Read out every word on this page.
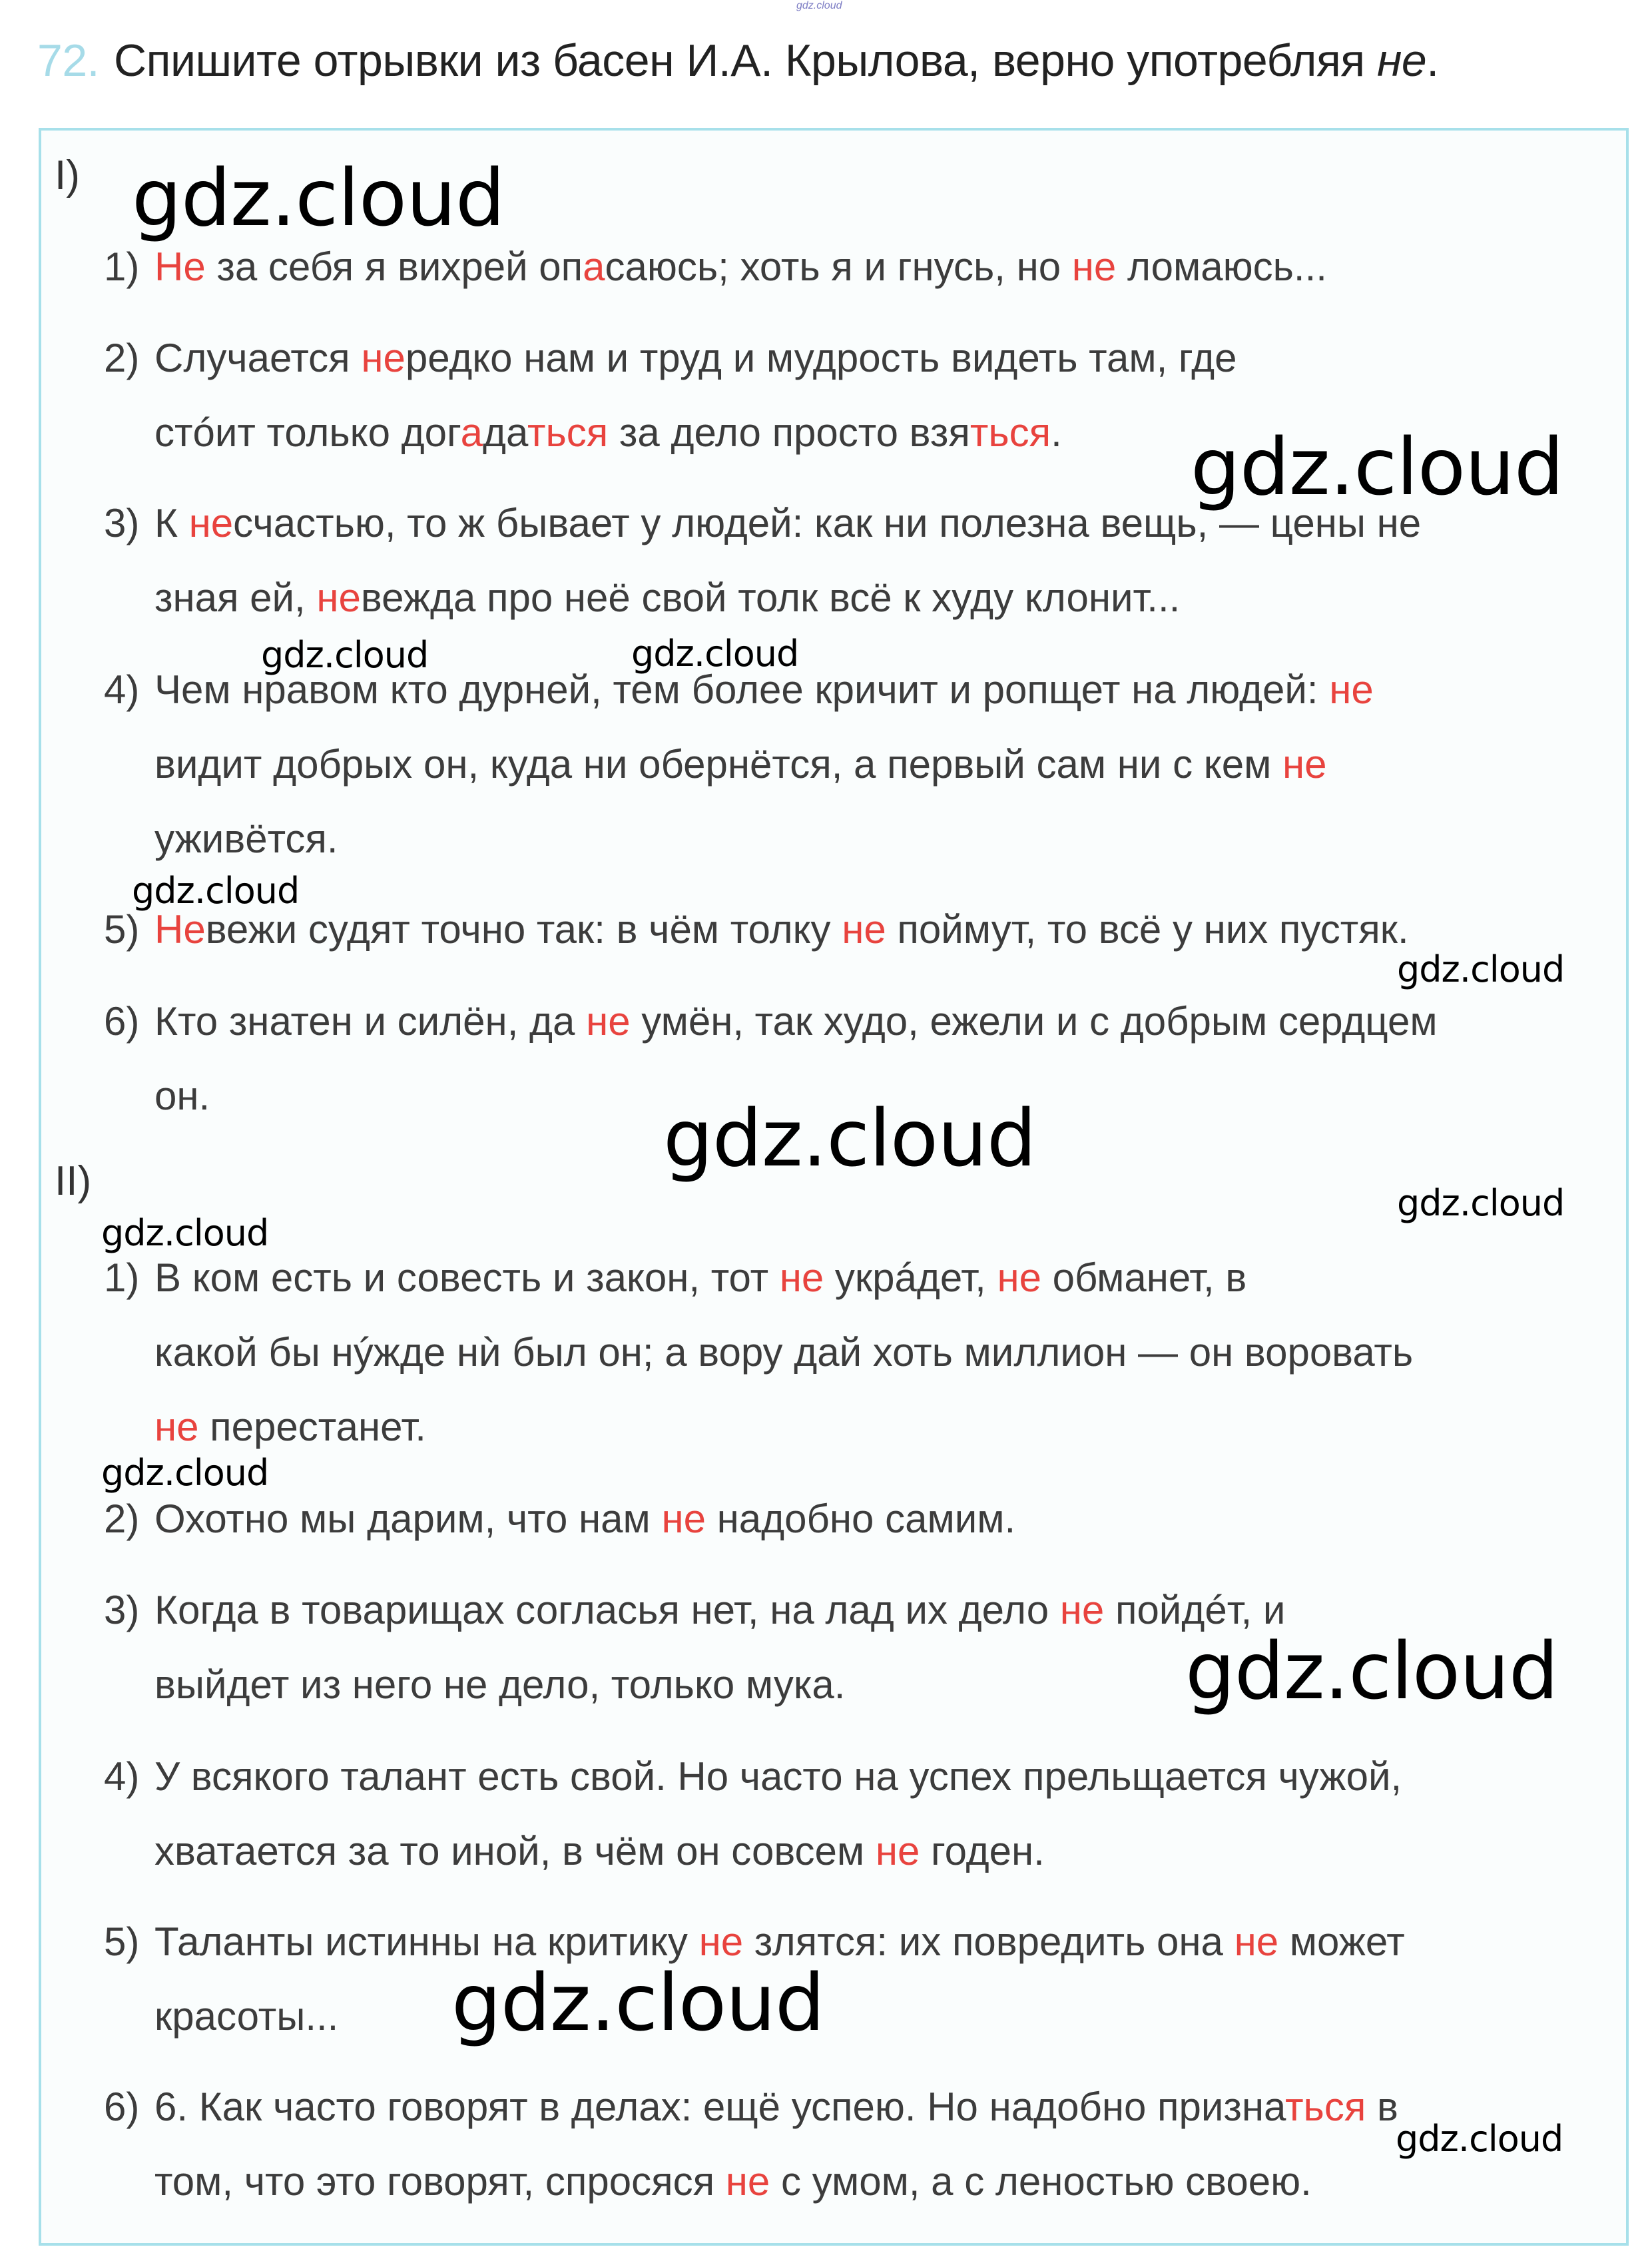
gdz.cloud
72. Спишите отрывки из басен И.А. Крылова, верно употребляя не.
I)
II)
1) Не за себя я вихрей опасаюсь; хоть я и гнусь, но не ломаюсь...
2) Случается нередко нам и труд и мудрость видеть там, где
стóит только догадаться за дело просто взяться.
3) К несчастью, то ж бывает у людей: как ни полезна вещь, — цены не
зная ей, невежда про неё свой толк всё к худу клонит...
4) Чем нравом кто дурней, тем более кричит и ропщет на людей: не
видит добрых он, куда ни обернётся, а первый сам ни с кем не
уживётся.
5) Невежи судят точно так: в чём толку не поймут, то всё у них пустяк.
6) Кто знатен и силён, да не умён, так худо, ежели и с добрым сердцем
он.
1) В ком есть и совесть и закон, тот не укрáдет, не обманет, в
какой бы нýжде нѝ был он; а вору дай хоть миллион — он воровать
не перестанет.
2) Охотно мы дарим, что нам не надобно самим.
3) Когда в товарищах согласья нет, на лад их дело не пойдéт, и
выйдет из него не дело, только мука.
4) У всякого талант есть свой. Но часто на успех прельщается чужой,
хватается за то иной, в чём он совсем не годен.
5) Таланты истинны на критику не злятся: их повредить она не может
красоты...
6) 6. Как часто говорят в делах: ещё успею. Но надобно признаться в
том, что это говорят, спросяся не с умом, а с леностью своею.
gdz.cloud
gdz.cloud
gdz.cloud	gdz.cloud
gdz.cloud
gdz.cloud
gdz.cloud
gdz.cloud
gdz.cloud
gdz.cloud
gdz.cloud
gdz.cloud
gdz.cloud
